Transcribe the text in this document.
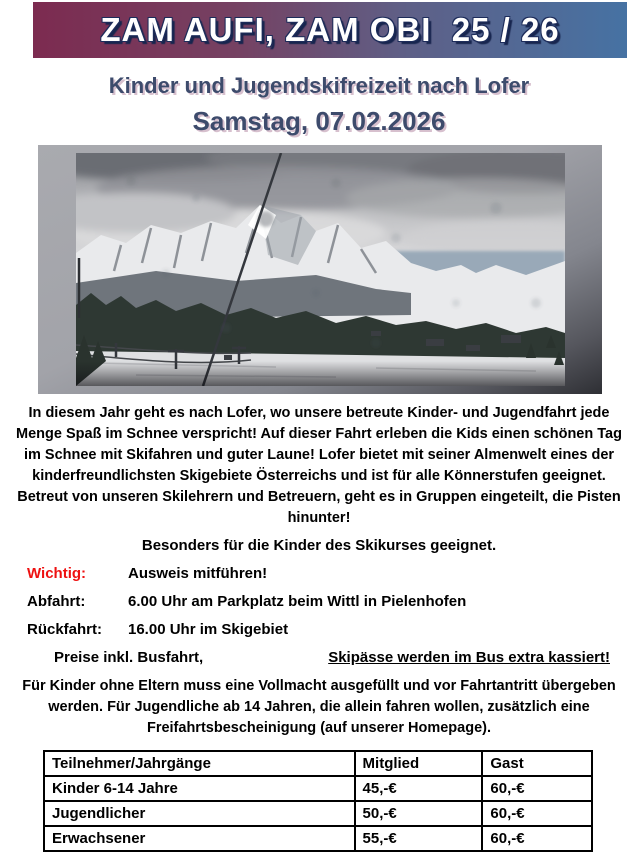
ZAM AUFI, ZAM OBI  25 / 26
Kinder und Jugendskifreizeit nach Lofer
Samstag, 07.02.2026

In diesem Jahr geht es nach Lofer, wo unsere betreute Kinder- und Jugendfahrt jede Menge Spaß im Schnee verspricht! Auf dieser Fahrt erleben die Kids einen schönen Tag im Schnee mit Skifahren und guter Laune! Lofer bietet mit seiner Almenwelt eines der kinderfreundlichsten Skigebiete Österreichs und ist für alle Könnerstufen geeignet. Betreut von unseren Skilehrern und Betreuern, geht es in Gruppen eingeteilt, die Pisten hinunter!

Besonders für die Kinder des Skikurses geeignet.

Wichtig:	Ausweis mitführen!
Abfahrt:	6.00 Uhr am Parkplatz beim Wittl in Pielenhofen
Rückfahrt:	16.00 Uhr im Skigebiet
Preise inkl. Busfahrt,	Skipässe werden im Bus extra kassiert!

Für Kinder ohne Eltern muss eine Vollmacht ausgefüllt und vor Fahrtantritt übergeben werden. Für Jugendliche ab 14 Jahren, die allein fahren wollen, zusätzlich eine Freifahrtsbescheinigung (auf unserer Homepage).

Teilnehmer/Jahrgänge	Mitglied	Gast
Kinder 6-14 Jahre	45,-€	60,-€
Jugendlicher	50,-€	60,-€
Erwachsener	55,-€	60,-€
